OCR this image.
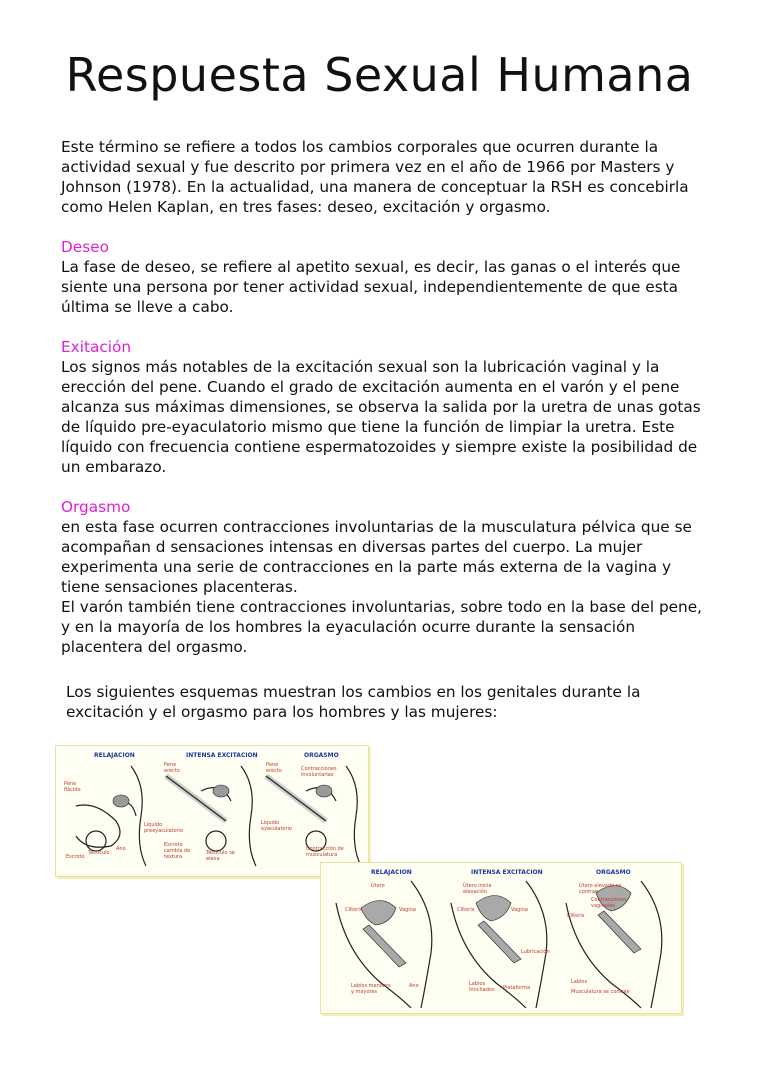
Respuesta Sexual Humana

Este término se refiere a todos los cambios corporales que ocurren durante la actividad sexual y fue descrito por primera vez en el año de 1966 por Masters y Johnson (1978). En la actualidad, una manera de conceptuar la RSH es concebirla como Helen Kaplan, en tres fases: deseo, excitación y orgasmo.

Deseo

La fase de deseo, se refiere al apetito sexual, es decir, las ganas o el interés que siente una persona por tener actividad sexual, independientemente de que esta última se lleve a cabo.

Exitación

Los signos más notables de la excitación sexual son la lubricación vaginal y la erección del pene. Cuando el grado de excitación aumenta en el varón y el pene alcanza sus máximas dimensiones, se observa la salida por la uretra de unas gotas de líquido pre-eyaculatorio mismo que tiene la función de limpiar la uretra. Este líquido con frecuencia contiene espermatozoides y siempre existe la posibilidad de un embarazo.

Orgasmo

en esta fase ocurren contracciones involuntarias de la musculatura pélvica que se acompañan d sensaciones intensas en diversas partes del cuerpo. La mujer experimenta una serie de contracciones en la parte más externa de la vagina y tiene sensaciones placenteras.

El varón también tiene contracciones involuntarias, sobre todo en la base del pene, y en la mayoría de los hombres la eyaculación ocurre durante la sensación placentera del orgasmo.

Los siguientes esquemas muestran los cambios en los genitales durante la excitación y el orgasmo para los hombres y las mujeres:
RELAJACION	INTENSA EXCITACION	ORGASMO
Pene flácido
Escroto
Testículo
Ano
Pene erecto
Líquido preeyaculatorio
Escroto cambia de textura
Testículo se eleva
Pene erecto	Contracciones involuntarias
Líquido eyaculatorio
Contracción de musculatura
RELAJACION	INTENSA EXCITACION	ORGASMO
Útero
Clítoris	Vagina
Labios menores y mayores
Ano
Útero inicia elevación
Clítoris	Vagina
Lubricación
Labios hinchados	Plataforma
Útero elevado se contrae
Contracciones vaginales
Clítoris
Labios
Musculatura se contrae
